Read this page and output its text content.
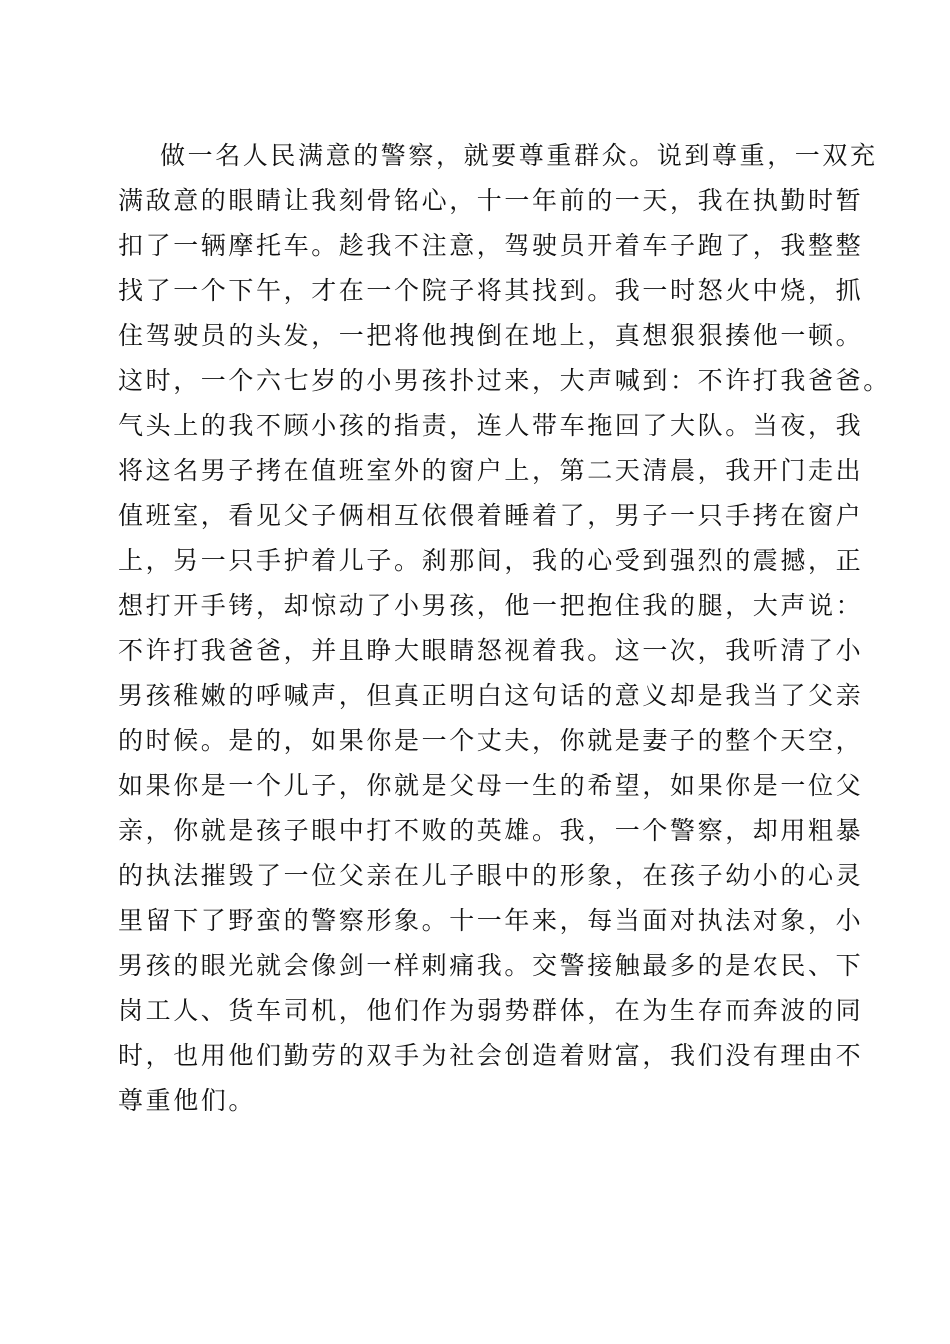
做一名人民满意的警察，就要尊重群众。说到尊重，一双充
满敌意的眼睛让我刻骨铭心，十一年前的一天，我在执勤时暂
扣了一辆摩托车。趁我不注意，驾驶员开着车子跑了，我整整
找了一个下午，才在一个院子将其找到。我一时怒火中烧，抓
住驾驶员的头发，一把将他拽倒在地上，真想狠狠揍他一顿。
这时，一个六七岁的小男孩扑过来，大声喊到：不许打我爸爸。
气头上的我不顾小孩的指责，连人带车拖回了大队。当夜，我
将这名男子拷在值班室外的窗户上，第二天清晨，我开门走出
值班室，看见父子俩相互依偎着睡着了，男子一只手拷在窗户
上，另一只手护着儿子。刹那间，我的心受到强烈的震撼，正
想打开手铐，却惊动了小男孩，他一把抱住我的腿，大声说：
不许打我爸爸，并且睁大眼睛怒视着我。这一次，我听清了小
男孩稚嫩的呼喊声，但真正明白这句话的意义却是我当了父亲
的时候。是的，如果你是一个丈夫，你就是妻子的整个天空，
如果你是一个儿子，你就是父母一生的希望，如果你是一位父
亲，你就是孩子眼中打不败的英雄。我，一个警察，却用粗暴
的执法摧毁了一位父亲在儿子眼中的形象，在孩子幼小的心灵
里留下了野蛮的警察形象。十一年来，每当面对执法对象，小
男孩的眼光就会像剑一样刺痛我。交警接触最多的是农民、下
岗工人、货车司机，他们作为弱势群体，在为生存而奔波的同
时，也用他们勤劳的双手为社会创造着财富，我们没有理由不
尊重他们。
